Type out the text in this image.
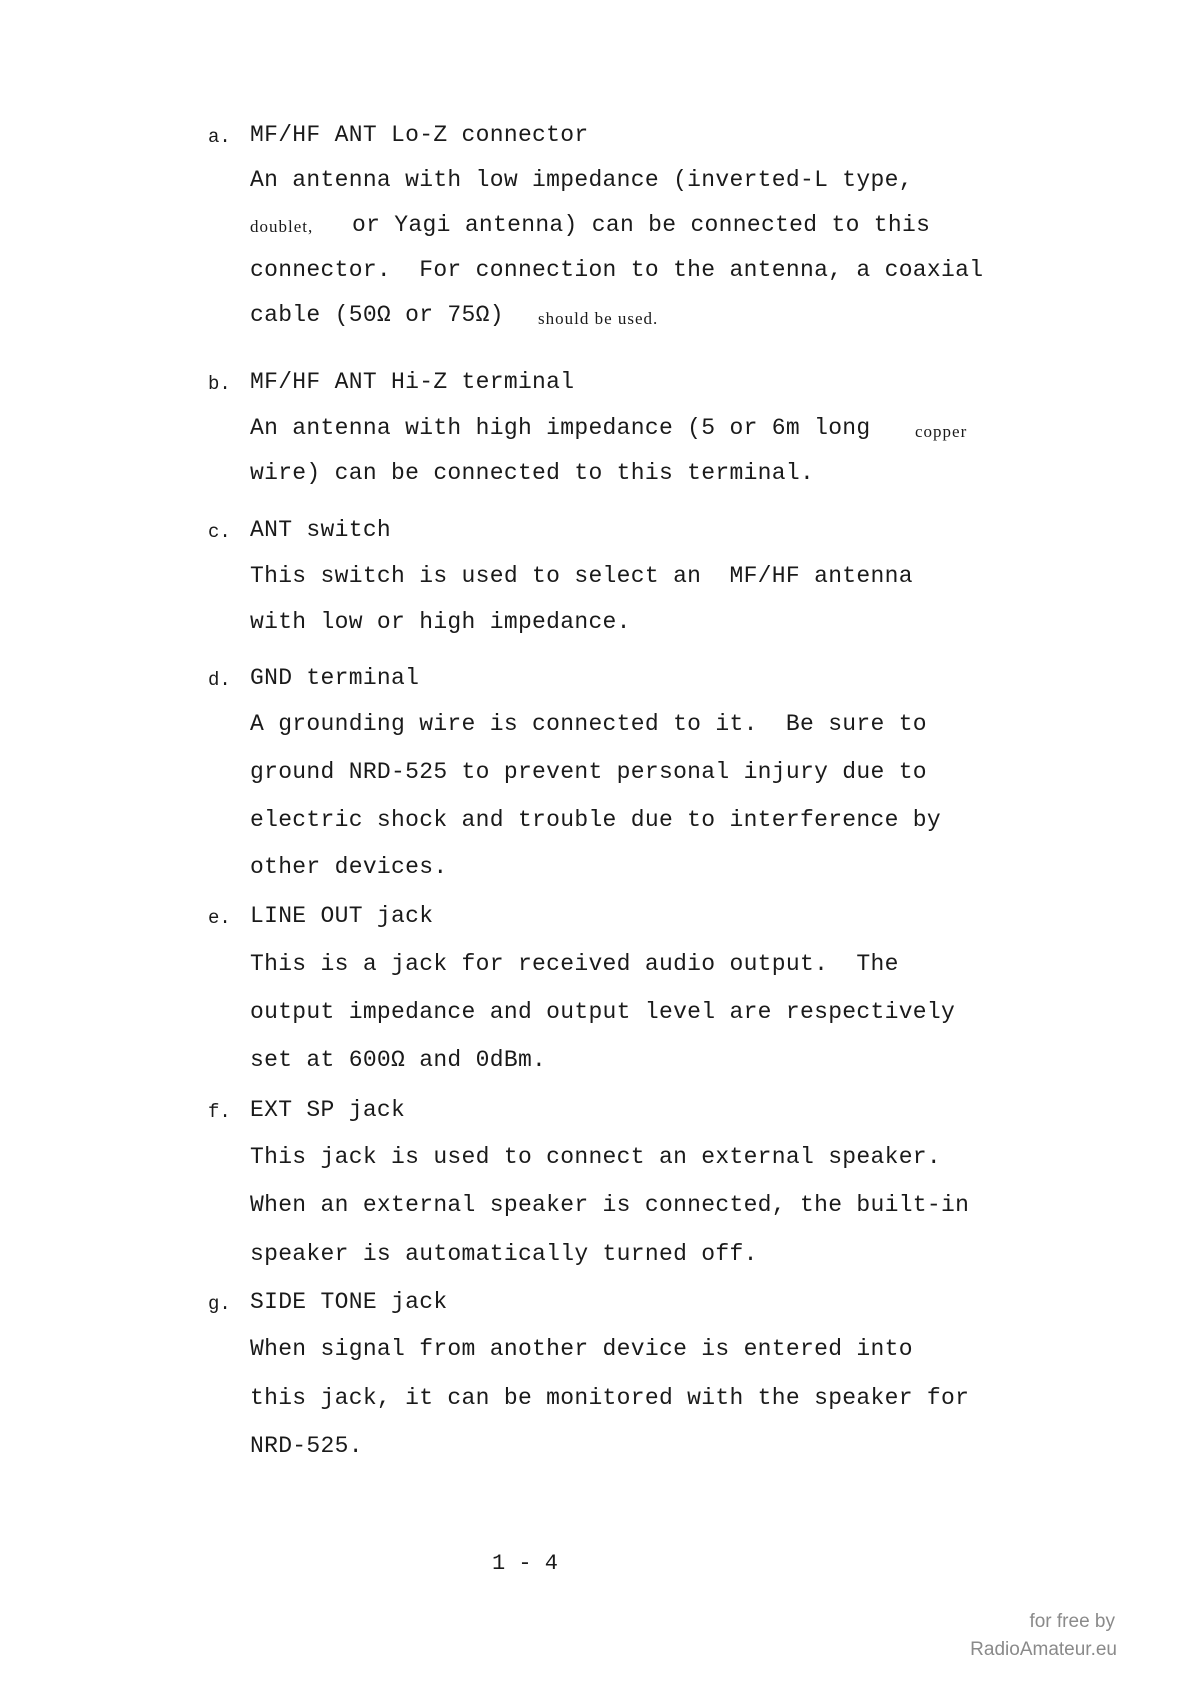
a. MF/HF ANT Lo-Z connector
An antenna with low impedance (inverted-L type,
doublet, or Yagi antenna) can be connected to this
connector.  For connection to the antenna, a coaxial
cable (50Ω or 75Ω) should be used.
b. MF/HF ANT Hi-Z terminal
An antenna with high impedance (5 or 6m long	copper
wire) can be connected to this terminal.
c. ANT switch
This switch is used to select an  MF/HF antenna
with low or high impedance.
d. GND terminal
A grounding wire is connected to it.  Be sure to
ground NRD-525 to prevent personal injury due to
electric shock and trouble due to interference by
other devices.
e. LINE OUT jack
This is a jack for received audio output.  The
output impedance and output level are respectively
set at 600Ω and 0dBm.
f. EXT SP jack
This jack is used to connect an external speaker.
When an external speaker is connected, the built-in
speaker is automatically turned off.
g. SIDE TONE jack
When signal from another device is entered into
this jack, it can be monitored with the speaker for
NRD-525.
1 - 4
for free by
RadioAmateur.eu
